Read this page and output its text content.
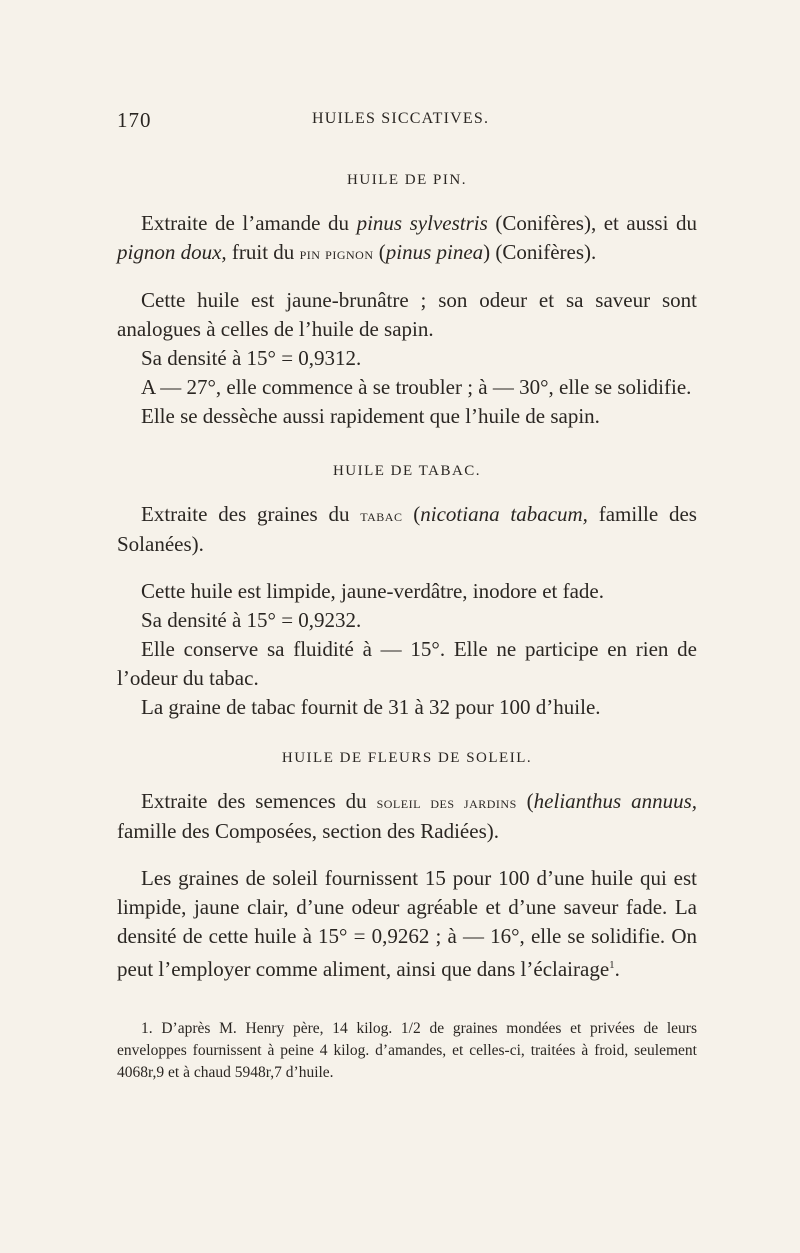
170	HUILES SICCATIVES.
HUILE DE PIN.

Extraite de l’amande du pinus sylvestris (Conifères), et aussi du pignon doux, fruit du pin pignon (pinus pinea) (Conifères).

Cette huile est jaune-brunâtre ; son odeur et sa saveur sont analogues à celles de l’huile de sapin.

Sa densité à 15° = 0,9312.

A — 27°, elle commence à se troubler ; à — 30°, elle se solidifie.

Elle se dessèche aussi rapidement que l’huile de sapin.

HUILE DE TABAC.

Extraite des graines du tabac (nicotiana tabacum, famille des Solanées).

Cette huile est limpide, jaune-verdâtre, inodore et fade.

Sa densité à 15° = 0,9232.

Elle conserve sa fluidité à — 15°. Elle ne participe en rien de l’odeur du tabac.

La graine de tabac fournit de 31 à 32 pour 100 d’huile.

HUILE DE FLEURS DE SOLEIL.

Extraite des semences du soleil des jardins (helianthus annuus, famille des Composées, section des Radiées).

Les graines de soleil fournissent 15 pour 100 d’une huile qui est limpide, jaune clair, d’une odeur agréable et d’une saveur fade. La densité de cette huile à 15° = 0,9262 ; à — 16°, elle se solidifie. On peut l’employer comme aliment, ainsi que dans l’éclairage$^1$.

1. D’après M. Henry père, 14 kilog. 1/2 de graines mondées et privées de leurs enveloppes fournissent à peine 4 kilog. d’amandes, et celles-ci, traitées à froid, seulement 4068r,9 et à chaud 5948r,7 d’huile.
